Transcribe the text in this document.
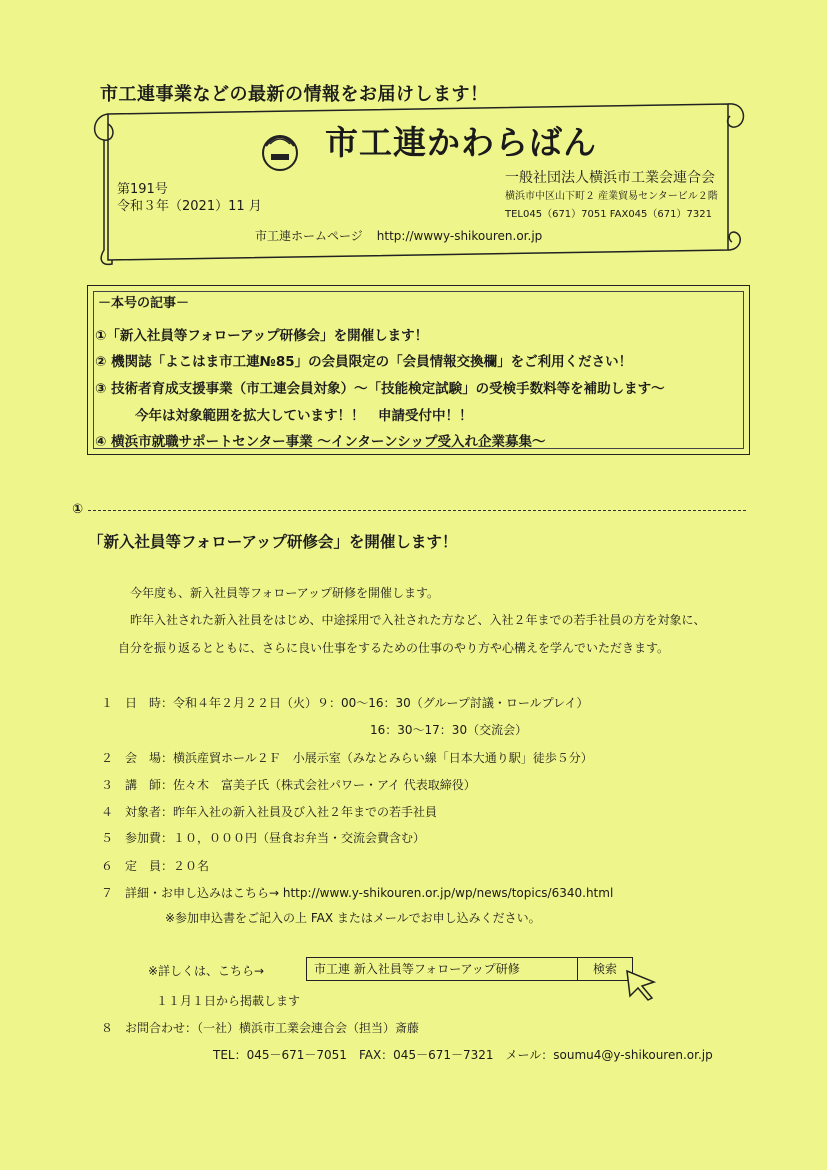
市工連事業などの最新の情報をお届けします！
市工連かわらばん
第191号
令和３年（2021）11 月
一般社団法人横浜市工業会連合会
横浜市中区山下町２ 産業貿易センタービル２階
TEL045（671）7051 FAX045（671）7321
市工連ホームページ http://wwwy-shikouren.or.jp
－本号の記事－
①「新入社員等フォローアップ研修会」を開催します！
② 機関誌「よこはま市工連№85」の会員限定の「会員情報交換欄」をご利用ください！
③ 技術者育成支援事業（市工連会員対象）～「技能検定試験」の受検手数料等を補助します～
今年は対象範囲を拡大しています！！　申請受付中！！
④ 横浜市就職サポートセンター事業 ～インターンシップ受入れ企業募集～
①
「新入社員等フォローアップ研修会」を開催します！
今年度も、新入社員等フォローアップ研修を開催します。
昨年入社された新入社員をはじめ、中途採用で入社された方など、入社２年までの若手社員の方を対象に、
自分を振り返るとともに、さらに良い仕事をするための仕事のやり方や心構えを学んでいただきます。
１　日　時：令和４年２月２２日（火）９：00～16：30（グループ討議・ロールプレイ）
16：30～17：30（交流会）
２　会　場：横浜産貿ホール２Ｆ　小展示室（みなとみらい線「日本大通り駅」徒歩５分）
３　講　師：佐々木　富美子氏（株式会社パワー・アイ 代表取締役）
４　対象者：昨年入社の新入社員及び入社２年までの若手社員
５　参加費：１０，０００円（昼食お弁当・交流会費含む）
６　定　員：２０名
７　詳細・お申し込みはこちら→ http://www.y-shikouren.or.jp/wp/news/topics/6340.html
※参加申込書をご記入の上 FAX またはメールでお申し込みください。
※詳しくは、こちら→	市工連 新入社員等フォローアップ研修	検索
１１月１日から掲載します
８　お問合わせ：（一社）横浜市工業会連合会（担当）斎藤
TEL：045－671－7051　FAX：045－671－7321　メール：soumu4@y-shikouren.or.jp
